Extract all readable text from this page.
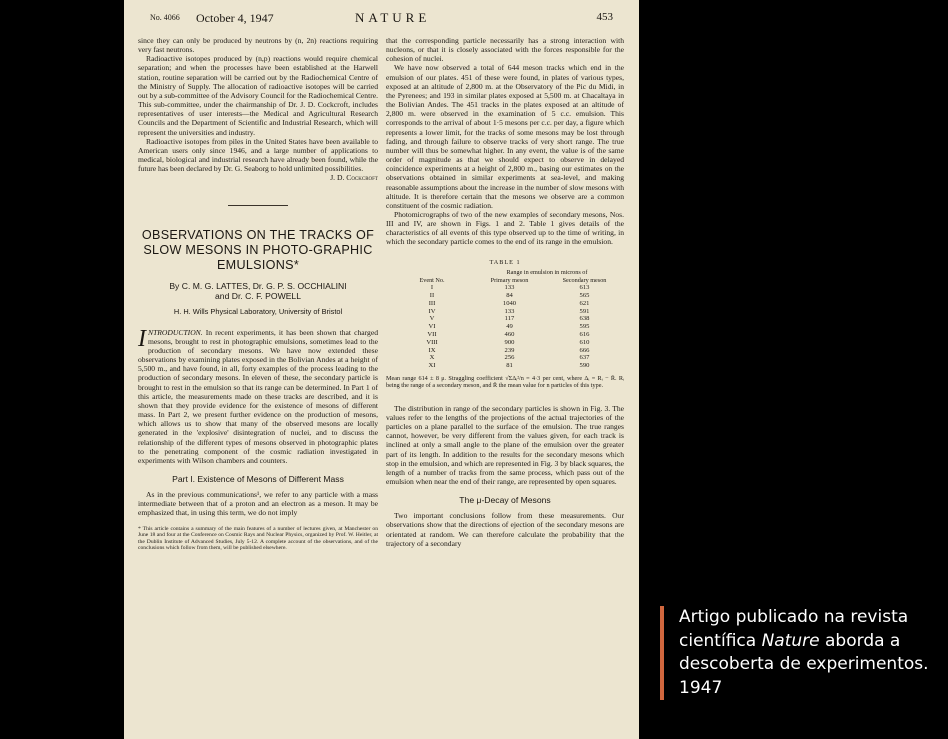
No. 4066 October 4, 1947	NATURE	453

since they can only be produced by neutrons by (n, 2n) reactions requiring very fast neutrons.

Radioactive isotopes produced by (n,p) reactions would require chemical separation; and when the processes have been established at the Harwell station, routine separation will be carried out by the Radiochemical Centre of the Ministry of Supply. The allocation of radioactive isotopes will be carried out by a sub-committee of the Advisory Council for the Radiochemical Centre. This sub-committee, under the chairmanship of Dr. J. D. Cockcroft, includes representatives of user interests—the Medical and Agricultural Research Councils and the Department of Scientific and Industrial Research, which will represent the universities and industry.

Radioactive isotopes from piles in the United States have been available to American users only since 1946, and a large number of applications to medical, biological and industrial research have already been found, while the future has been declared by Dr. G. Seaborg to hold unlimited possibilities.

J. D. Cockcroft
OBSERVATIONS ON THE TRACKS OF SLOW MESONS IN PHOTO-GRAPHIC EMULSIONS*
By C. M. G. LATTES, Dr. G. P. S. OCCHIALINI
and Dr. C. F. POWELL
H. H. Wills Physical Laboratory, University of Bristol

INTRODUCTION. In recent experiments, it has been shown that charged mesons, brought to rest in photographic emulsions, sometimes lead to the production of secondary mesons. We have now extended these observations by examining plates exposed in the Bolivian Andes at a height of 5,500 m., and have found, in all, forty examples of the process leading to the production of secondary mesons. In eleven of these, the secondary particle is brought to rest in the emulsion so that its range can be determined. In Part 1 of this article, the measurements made on these tracks are described, and it is shown that they provide evidence for the existence of mesons of different mass. In Part 2, we present further evidence on the production of mesons, which allows us to show that many of the observed mesons are locally generated in the 'explosive' disintegration of nuclei, and to discuss the relationship of the different types of mesons observed in photographic plates to the penetrating component of the cosmic radiation investigated in experiments with Wilson chambers and counters.

Part I. Existence of Mesons of Different Mass

As in the previous communications¹, we refer to any particle with a mass intermediate between that of a proton and an electron as a meson. It may be emphasized that, in using this term, we do not imply

* This article contains a summary of the main features of a number of lectures given, at Manchester on June 18 and four at the Conference on Cosmic Rays and Nuclear Physics, organized by Prof. W. Heitler, at the Dublin Institute of Advanced Studies, July 5-12. A complete account of the observations, and of the conclusions which follow from them, will be published elsewhere.

that the corresponding particle necessarily has a strong interaction with nucleons, or that it is closely associated with the forces responsible for the cohesion of nuclei.

We have now observed a total of 644 meson tracks which end in the emulsion of our plates. 451 of these were found, in plates of various types, exposed at an altitude of 2,800 m. at the Observatory of the Pic du Midi, in the Pyrenees; and 193 in similar plates exposed at 5,500 m. at Chacaltaya in the Bolivian Andes. The 451 tracks in the plates exposed at an altitude of 2,800 m. were observed in the examination of 5 c.c. emulsion. This corresponds to the arrival of about 1·5 mesons per c.c. per day, a figure which represents a lower limit, for the tracks of some mesons may be lost through fading, and through failure to observe tracks of very short range. The true number will thus be somewhat higher. In any event, the value is of the same order of magnitude as that we should expect to observe in delayed coincidence experiments at a height of 2,800 m., basing our estimates on the observations obtained in similar experiments at sea-level, and making reasonable assumptions about the increase in the number of slow mesons with altitude. It is therefore certain that the mesons we observe are a common constituent of the cosmic radiation.

Photomicrographs of two of the new examples of secondary mesons, Nos. III and IV, are shown in Figs. 1 and 2. Table 1 gives details of the characteristics of all events of this type observed up to the time of writing, in which the secondary particle comes to the end of its range in the emulsion.

TABLE 1
Range in emulsion in microns of
Event No.	Primary meson	Secondary meson
I	133	613
II	84	565
III	1040	621
IV	133	591
V	117	638
VI	49	595
VII	460	616
VIII	900	610
IX	239	666
X	256	637
XI	81	590
Mean range 614 ± 8 μ. Straggling coefficient √ΣΔᵢ²/n = 4·3 per cent, where Δᵢ = Rᵢ − R̄. Rᵢ being the range of a secondary meson, and R̄ the mean value for n particles of this type.

The distribution in range of the secondary particles is shown in Fig. 3. The values refer to the lengths of the projections of the actual trajectories of the particles on a plane parallel to the surface of the emulsion. The true ranges cannot, however, be very different from the values given, for each track is inclined at only a small angle to the plane of the emulsion over the greater part of its length. In addition to the results for the secondary mesons which stop in the emulsion, and which are represented in Fig. 3 by black squares, the length of a number of tracks from the same process, which pass out of the emulsion when near the end of their range, are represented by open squares.

The μ-Decay of Mesons

Two important conclusions follow from these measurements. Our observations show that the directions of ejection of the secondary mesons are orientated at random. We can therefore calculate the probability that the trajectory of a secondary

Artigo publicado na revista científica Nature aborda a descoberta de experimentos. 1947
